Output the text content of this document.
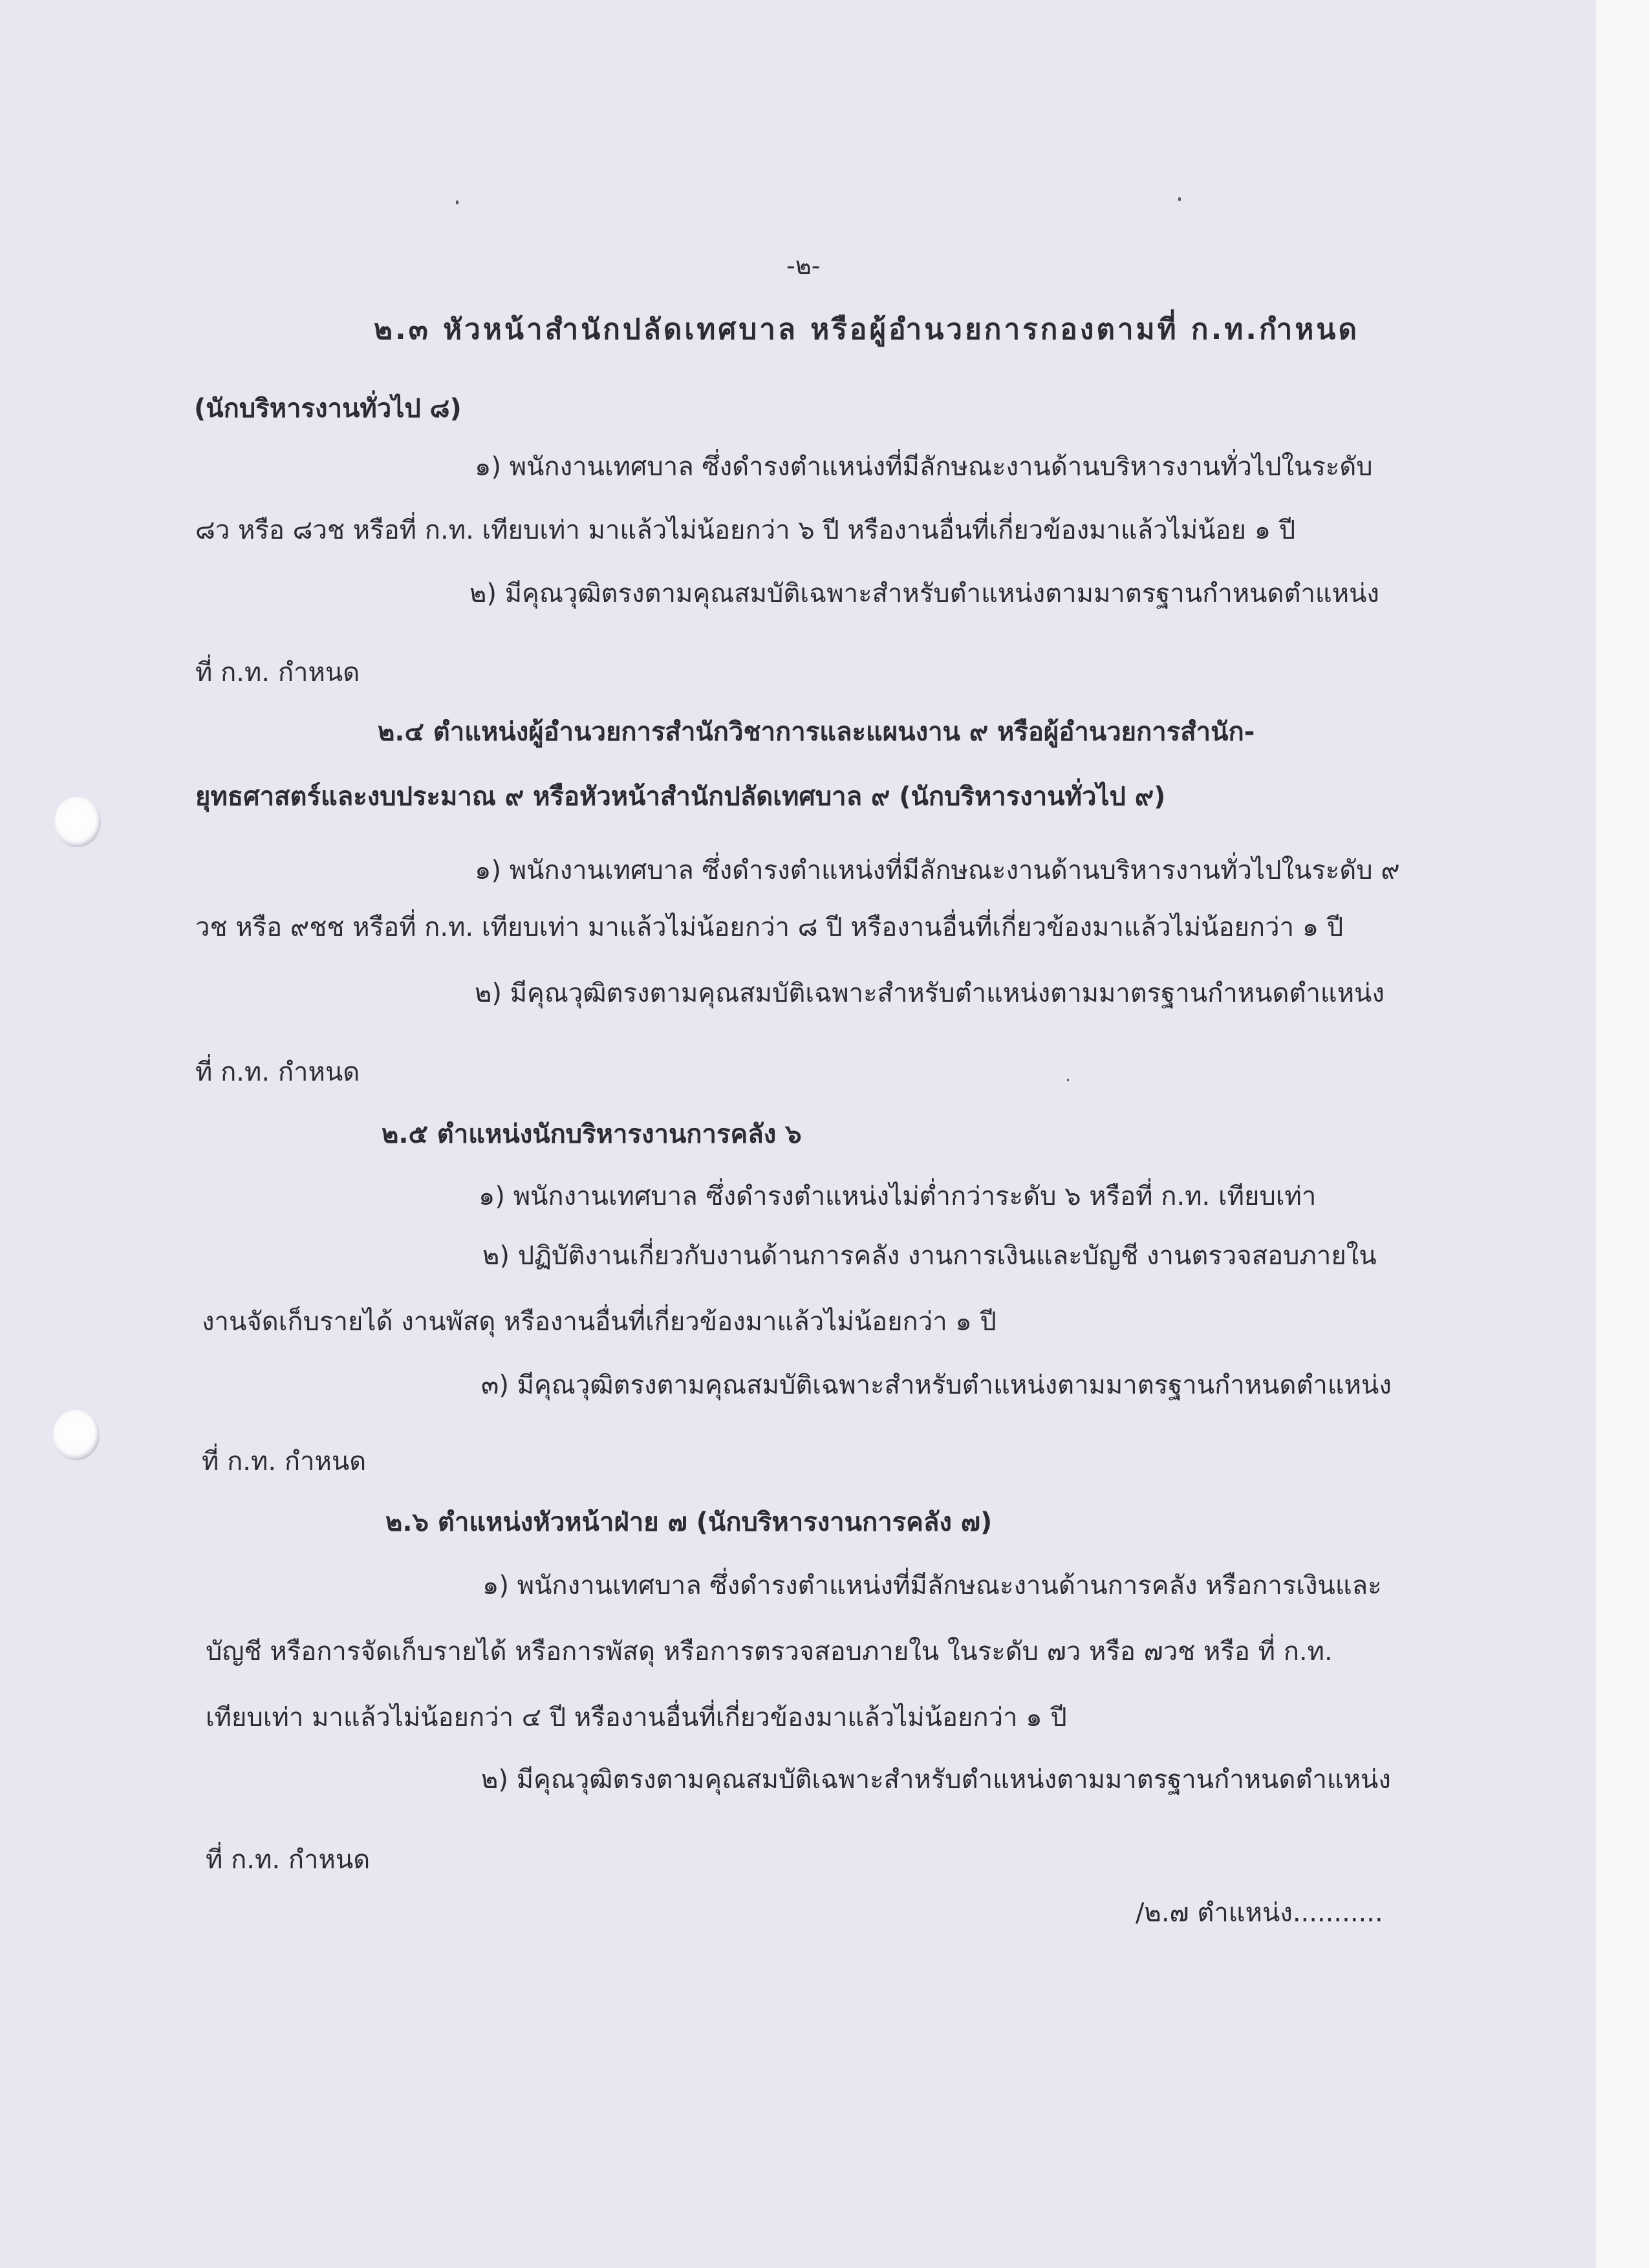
-๒-
๒.๓ หัวหน้าสำนักปลัดเทศบาล หรือผู้อำนวยการกองตามที่ ก.ท.กำหนด
(นักบริหารงานทั่วไป ๘)
๑) พนักงานเทศบาล ซึ่งดำรงตำแหน่งที่มีลักษณะงานด้านบริหารงานทั่วไปในระดับ
๘ว หรือ ๘วช หรือที่ ก.ท. เทียบเท่า มาแล้วไม่น้อยกว่า ๖ ปี หรืองานอื่นที่เกี่ยวข้องมาแล้วไม่น้อย ๑ ปี
๒) มีคุณวุฒิตรงตามคุณสมบัติเฉพาะสำหรับตำแหน่งตามมาตรฐานกำหนดตำแหน่ง
ที่ ก.ท. กำหนด
๒.๔ ตำแหน่งผู้อำนวยการสำนักวิชาการและแผนงาน ๙ หรือผู้อำนวยการสำนัก-
ยุทธศาสตร์และงบประมาณ ๙ หรือหัวหน้าสำนักปลัดเทศบาล ๙ (นักบริหารงานทั่วไป ๙)
๑) พนักงานเทศบาล ซึ่งดำรงตำแหน่งที่มีลักษณะงานด้านบริหารงานทั่วไปในระดับ ๙
วช หรือ ๙ชช หรือที่ ก.ท. เทียบเท่า มาแล้วไม่น้อยกว่า ๘ ปี หรืองานอื่นที่เกี่ยวข้องมาแล้วไม่น้อยกว่า ๑ ปี
๒) มีคุณวุฒิตรงตามคุณสมบัติเฉพาะสำหรับตำแหน่งตามมาตรฐานกำหนดตำแหน่ง
ที่ ก.ท. กำหนด
๒.๕ ตำแหน่งนักบริหารงานการคลัง ๖
๑) พนักงานเทศบาล ซึ่งดำรงตำแหน่งไม่ต่ำกว่าระดับ ๖ หรือที่ ก.ท. เทียบเท่า
๒) ปฏิบัติงานเกี่ยวกับงานด้านการคลัง งานการเงินและบัญชี งานตรวจสอบภายใน
งานจัดเก็บรายได้ งานพัสดุ หรืองานอื่นที่เกี่ยวข้องมาแล้วไม่น้อยกว่า ๑ ปี
๓) มีคุณวุฒิตรงตามคุณสมบัติเฉพาะสำหรับตำแหน่งตามมาตรฐานกำหนดตำแหน่ง
ที่ ก.ท. กำหนด
๒.๖ ตำแหน่งหัวหน้าฝ่าย ๗ (นักบริหารงานการคลัง ๗)
๑) พนักงานเทศบาล ซึ่งดำรงตำแหน่งที่มีลักษณะงานด้านการคลัง หรือการเงินและ
บัญชี หรือการจัดเก็บรายได้ หรือการพัสดุ หรือการตรวจสอบภายใน ในระดับ ๗ว หรือ ๗วช หรือ ที่ ก.ท.
เทียบเท่า มาแล้วไม่น้อยกว่า ๔ ปี หรืองานอื่นที่เกี่ยวข้องมาแล้วไม่น้อยกว่า ๑ ปี
๒) มีคุณวุฒิตรงตามคุณสมบัติเฉพาะสำหรับตำแหน่งตามมาตรฐานกำหนดตำแหน่ง
ที่ ก.ท. กำหนด
/๒.๗ ตำแหน่ง...........
